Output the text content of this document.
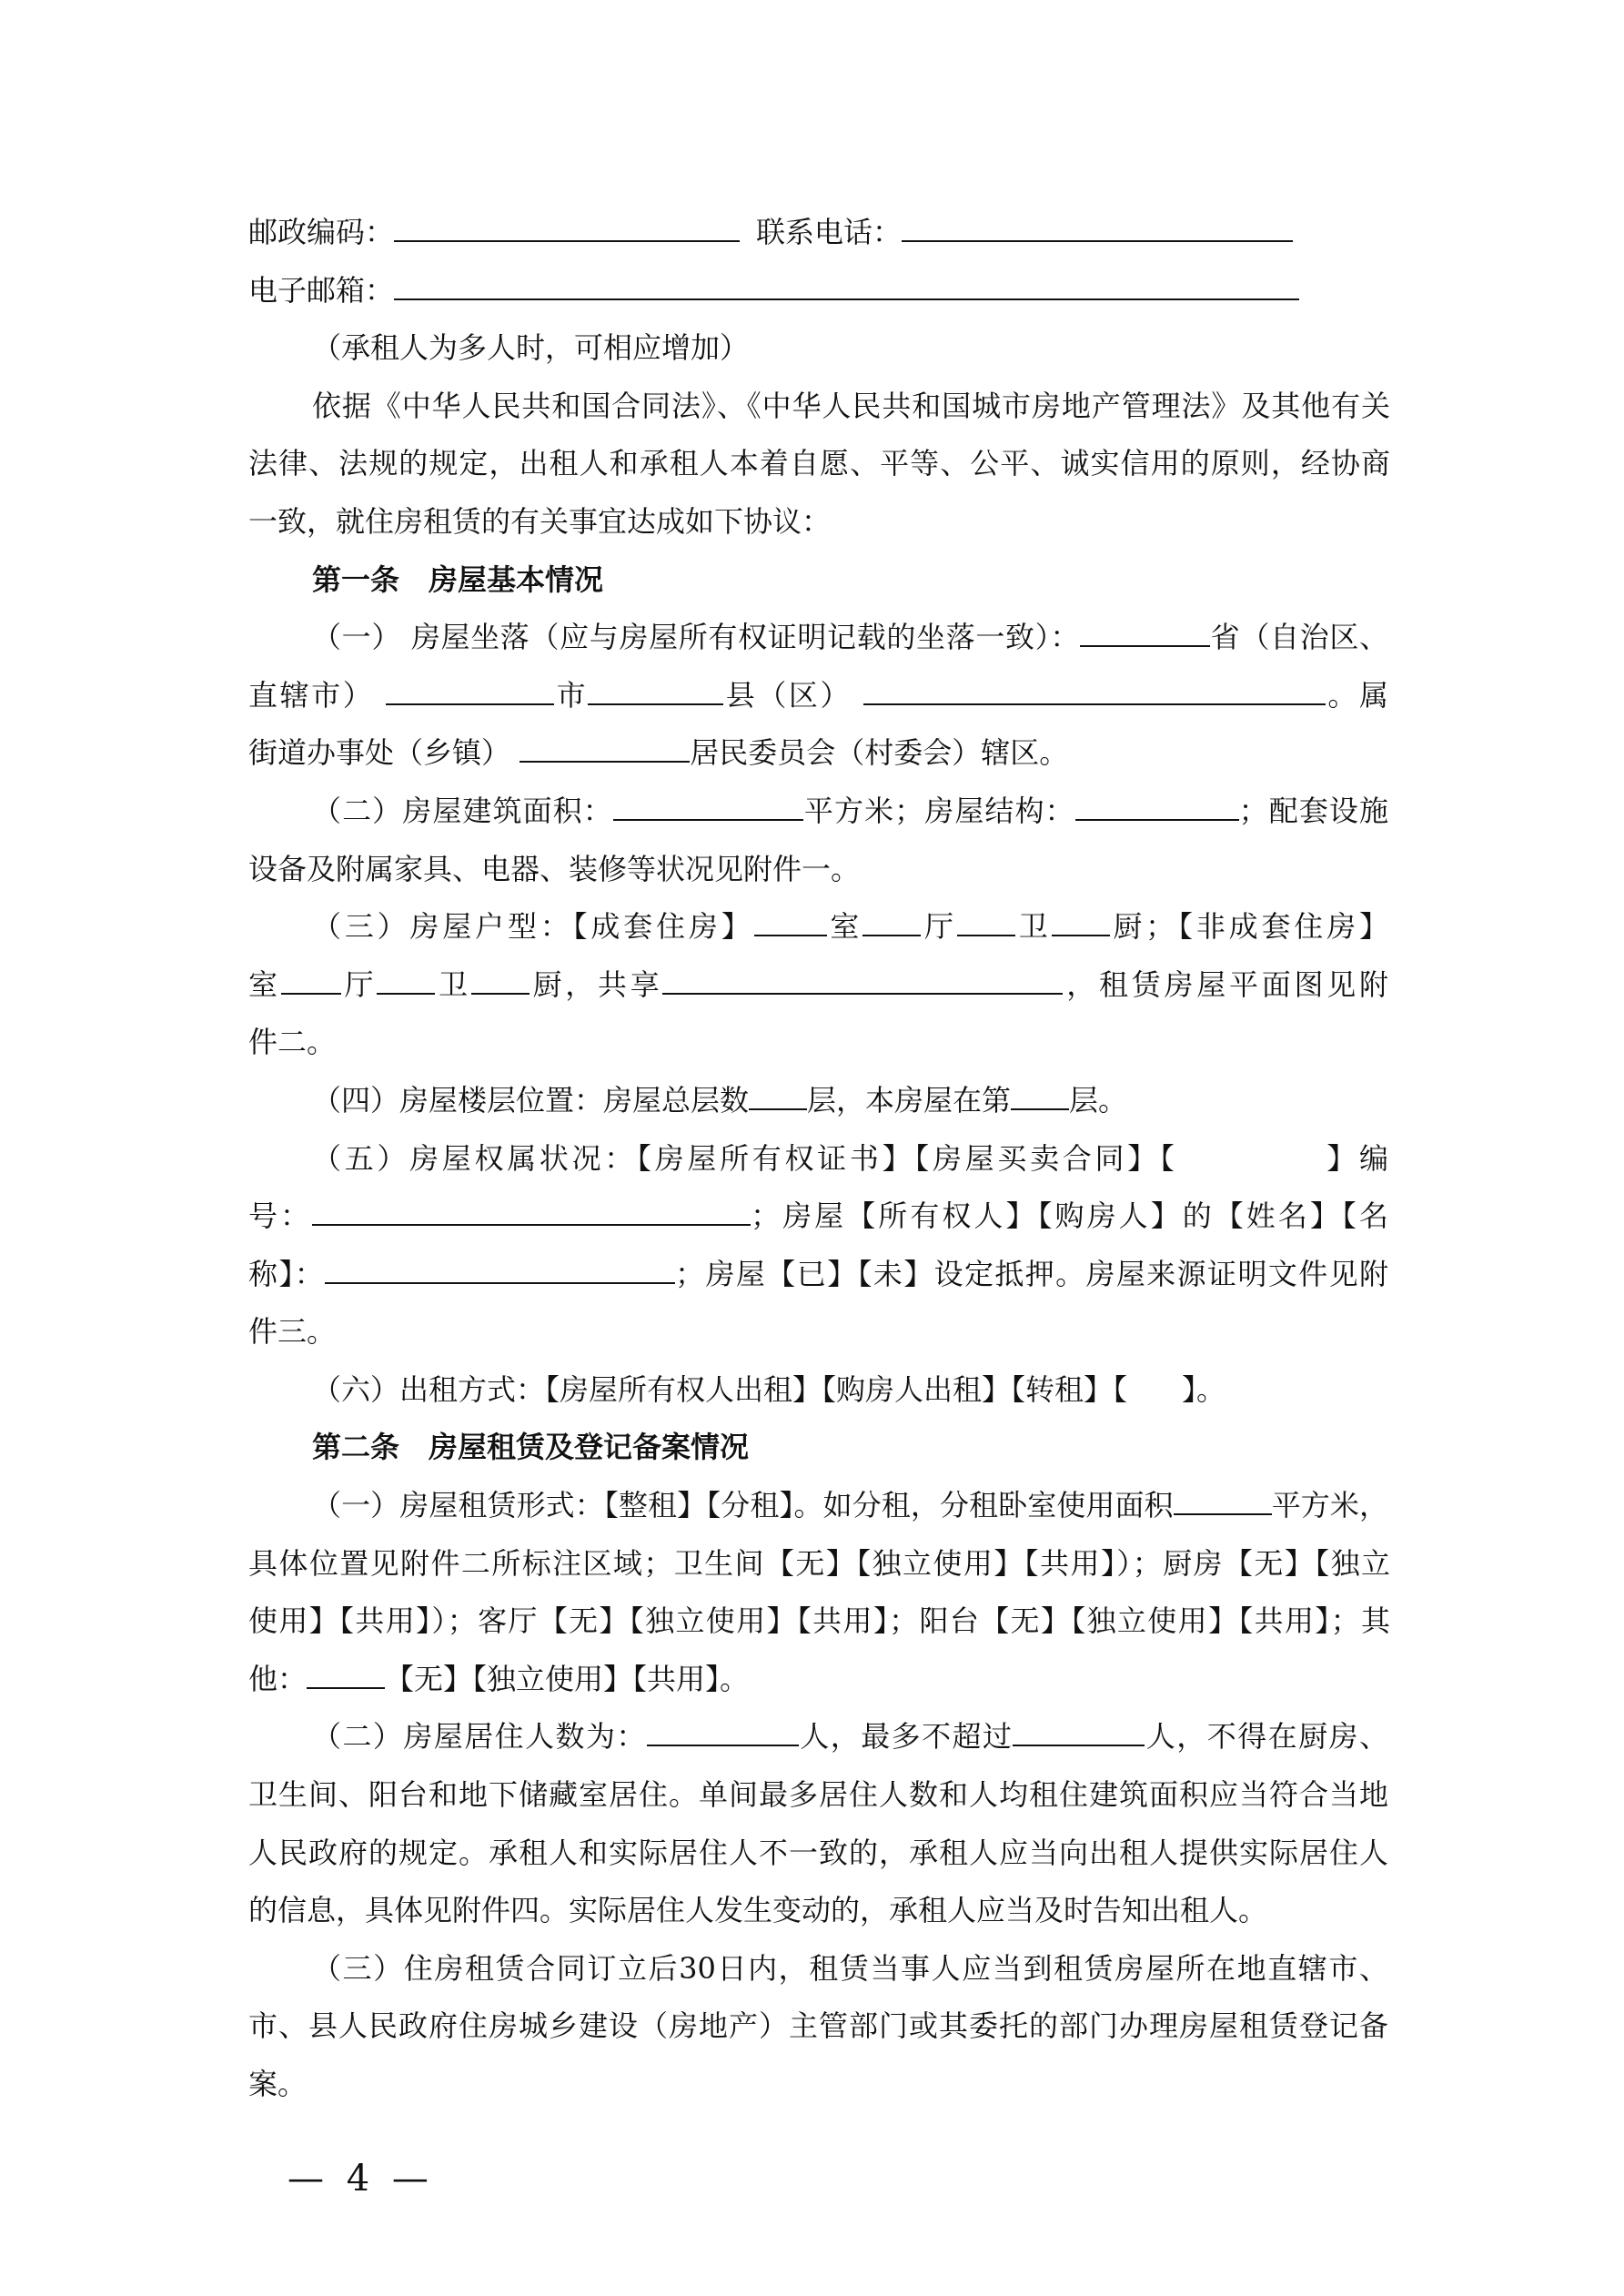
邮政编码：	联系电话：
电子邮箱：
（承租人为多人时，可相应增加）
依据《中华人民共和国合同法》、《中华人民共和国城市房地产管理法》及其他有关
法律、法规的规定，出租人和承租人本着自愿、平等、公平、诚实信用的原则，经协商
一致，就住房租赁的有关事宜达成如下协议：
第一条　房屋基本情况
（一） 房屋坐落（应与房屋所有权证明记载的坐落一致）：	省（自治区、
直辖市）	市	县（区）	。属
街道办事处（乡镇）	居民委员会（村委会）辖区。
（二）房屋建筑面积：	平方米；房屋结构：	；配套设施
设备及附属家具、电器、装修等状况见附件一。
（三）房屋户型：【成套住房】	室 厅 卫 厨；【非成套住房】
室 厅 卫 厨，共享	，租赁房屋平面图见附
件二。
（四）房屋楼层位置：房屋总层数 层，本房屋在第 层。
（五）房屋权属状况：【房屋所有权证书】【房屋买卖合同】【	】编
号：	；房屋【所有权人】【购房人】的【姓名】【名
称】：	；房屋【已】【未】设定抵押。房屋来源证明文件见附
件三。
（六）出租方式：【房屋所有权人出租】【购房人出租】【转租】【 】。
第二条　房屋租赁及登记备案情况
（一）房屋租赁形式：【整租】【分租】。如分租，分租卧室使用面积	平方米，
具体位置见附件二所标注区域；卫生间【无】【独立使用】【共用】）；厨房【无】【独立
使用】【共用】）；客厅【无】【独立使用】【共用】；阳台【无】【独立使用】【共用】；其
他：	【无】【独立使用】【共用】。
（二）房屋居住人数为：	人，最多不超过	人，不得在厨房、
卫生间、阳台和地下储藏室居住。单间最多居住人数和人均租住建筑面积应当符合当地
人民政府的规定。承租人和实际居住人不一致的，承租人应当向出租人提供实际居住人
的信息，具体见附件四。实际居住人发生变动的，承租人应当及时告知出租人。
（三）住房租赁合同订立后30日内，租赁当事人应当到租赁房屋所在地直辖市、
市、县人民政府住房城乡建设（房地产）主管部门或其委托的部门办理房屋租赁登记备
案。
— 4 —
